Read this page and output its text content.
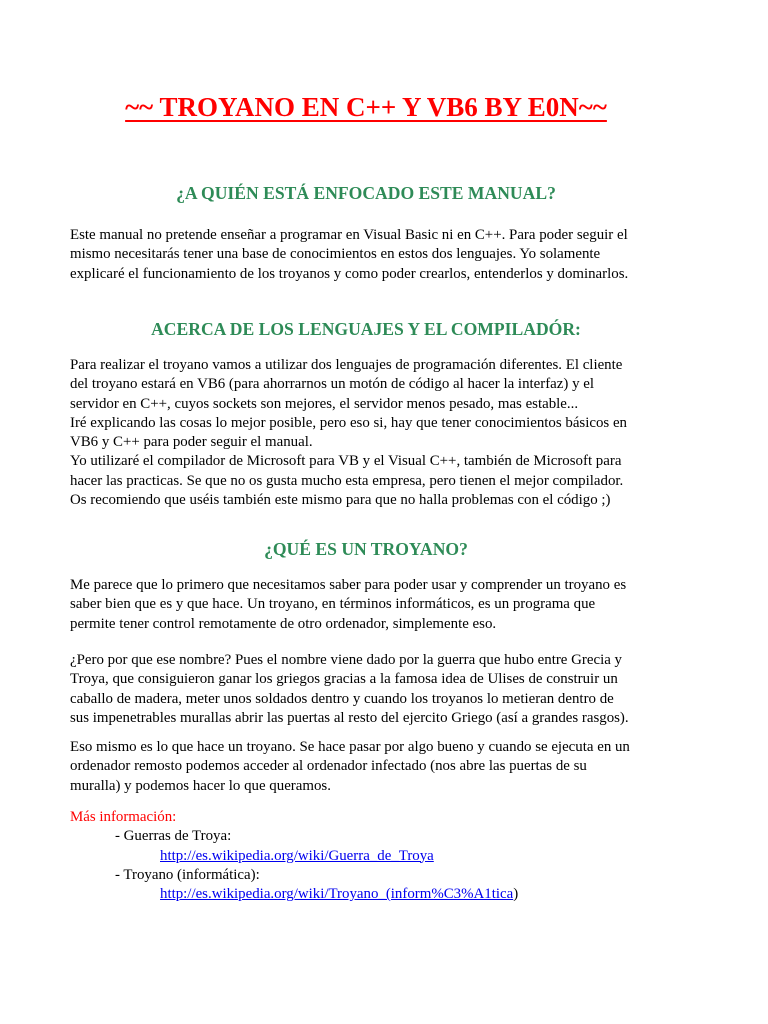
~~ TROYANO EN C++ Y VB6 BY E0N~~
¿A QUIÉN ESTÁ ENFOCADO ESTE MANUAL?
Este manual no pretende enseñar a programar en Visual Basic ni en C++. Para poder seguir el
mismo necesitarás tener una base de conocimientos en estos dos lenguajes. Yo solamente
explicaré el funcionamiento de los troyanos y como poder crearlos, entenderlos y dominarlos.
ACERCA DE LOS LENGUAJES Y EL COMPILADÓR:
Para realizar el troyano vamos a utilizar dos lenguajes de programación diferentes. El cliente
del troyano estará en VB6 (para ahorrarnos un motón de código al hacer la interfaz) y el
servidor en C++, cuyos sockets son mejores, el servidor menos pesado, mas estable...
Iré explicando las cosas lo mejor posible, pero eso si, hay que tener conocimientos básicos en
VB6 y C++ para poder seguir el manual.
Yo utilizaré el compilador de Microsoft para VB y el Visual C++, también de Microsoft para
hacer las practicas. Se que no os gusta mucho esta empresa, pero tienen el mejor compilador.
Os recomiendo que uséis también este mismo para que no halla problemas con el código ;)
¿QUÉ ES UN TROYANO?
Me parece que lo primero que necesitamos saber para poder usar y comprender un troyano es
saber bien que es y que hace. Un troyano, en términos informáticos, es un programa que
permite tener control remotamente de otro ordenador, simplemente eso.
¿Pero por que ese nombre? Pues el nombre viene dado por la guerra que hubo entre Grecia y
Troya, que consiguieron ganar los griegos gracias a la famosa idea de Ulises de construir un
caballo de madera, meter unos soldados dentro y cuando los troyanos lo metieran dentro de
sus impenetrables murallas abrir las puertas al resto del ejercito Griego (así a grandes rasgos).
Eso mismo es lo que hace un troyano. Se hace pasar por algo bueno y cuando se ejecuta en un
ordenador remosto podemos acceder al ordenador infectado (nos abre las puertas de su
muralla) y podemos hacer lo que queramos.
Más información:
- Guerras de Troya:
http://es.wikipedia.org/wiki/Guerra_de_Troya
- Troyano (informática):
http://es.wikipedia.org/wiki/Troyano_(inform%C3%A1tica)
